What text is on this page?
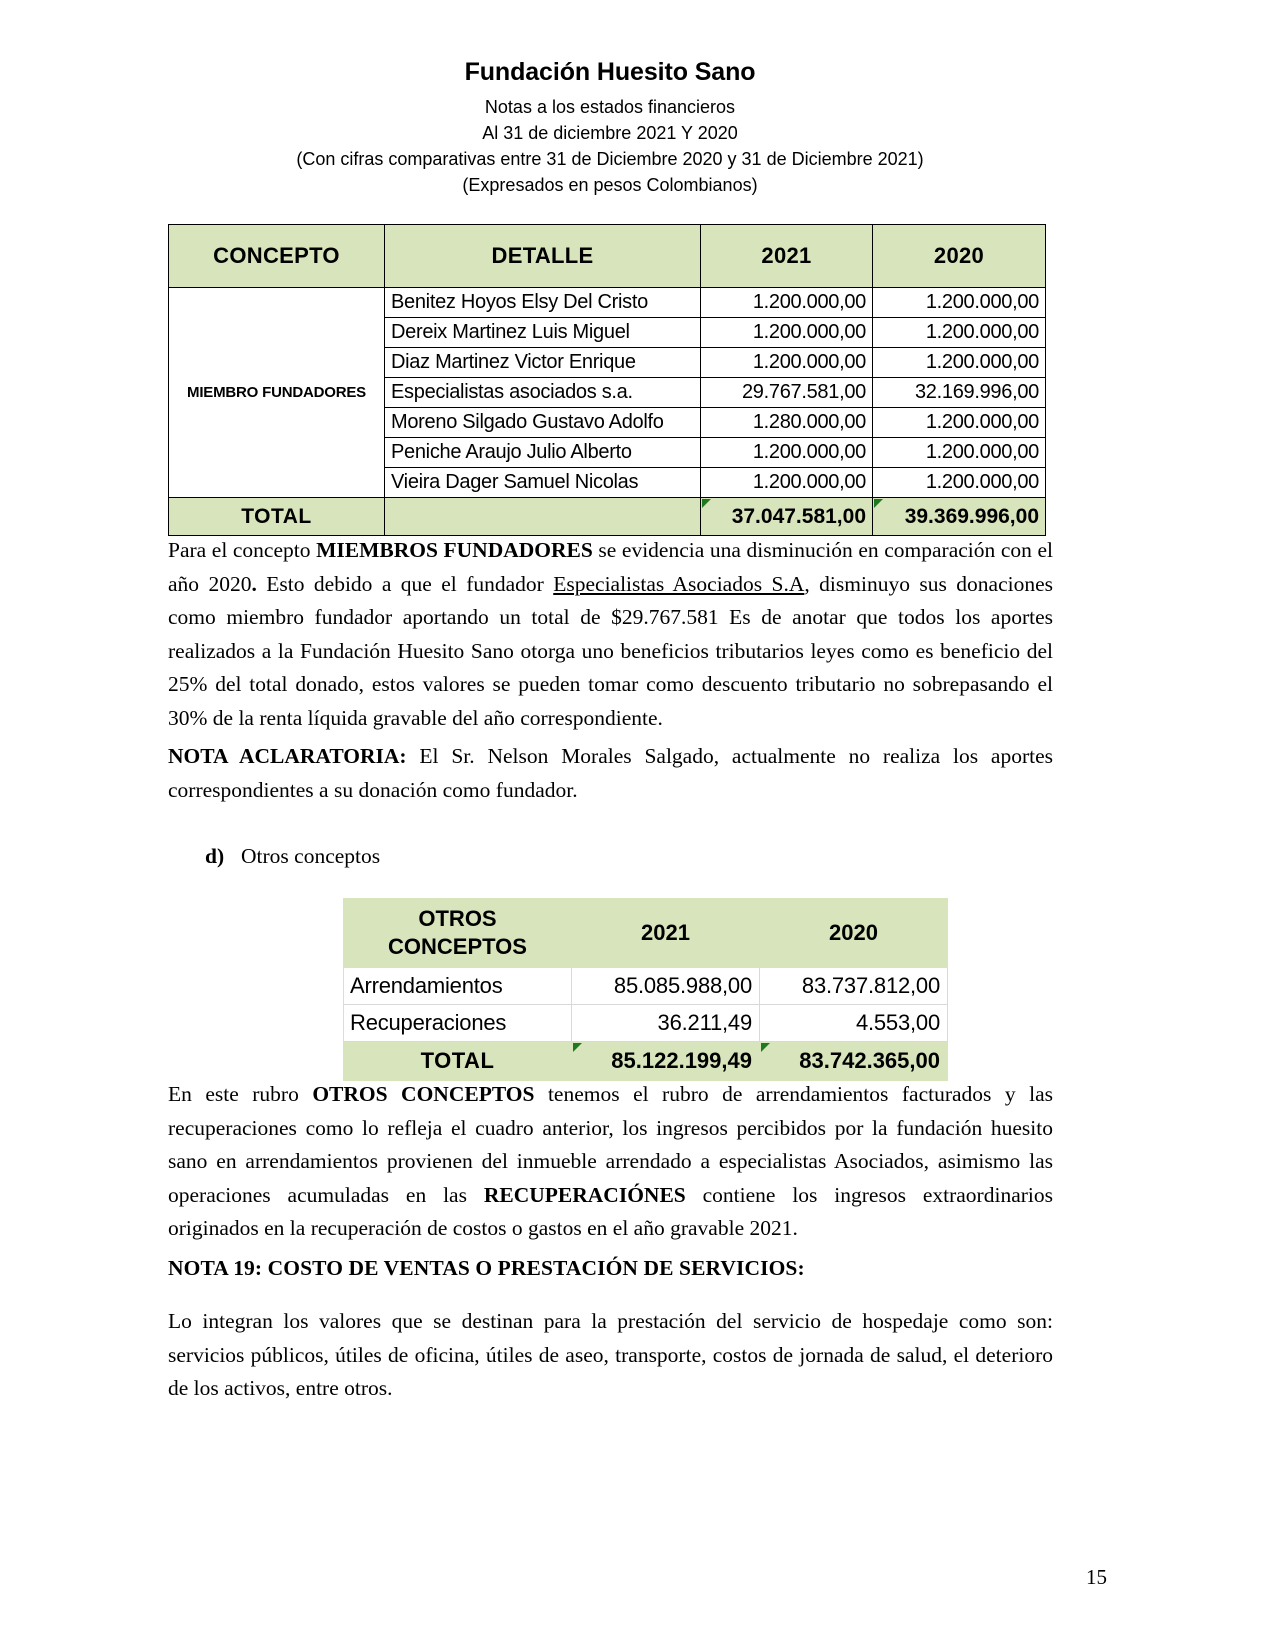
Fundación Huesito Sano
Notas a los estados financieros
Al 31 de diciembre 2021 Y 2020
(Con cifras comparativas entre 31 de Diciembre 2020 y 31 de Diciembre 2021)
(Expresados en pesos Colombianos)
CONCEPTO	DETALLE	2021	2020
MIEMBRO FUNDADORES	Benitez Hoyos Elsy Del Cristo	1.200.000,00	1.200.000,00
	Dereix Martinez Luis Miguel	1.200.000,00	1.200.000,00
	Diaz Martinez Victor Enrique	1.200.000,00	1.200.000,00
	Especialistas asociados s.a.	29.767.581,00	32.169.996,00
	Moreno Silgado Gustavo Adolfo	1.280.000,00	1.200.000,00
	Peniche Araujo Julio Alberto	1.200.000,00	1.200.000,00
	Vieira Dager Samuel Nicolas	1.200.000,00	1.200.000,00
TOTAL		37.047.581,00	39.369.996,00
Para el concepto MIEMBROS FUNDADORES se evidencia una disminución en comparación con el año 2020. Esto debido a que el fundador Especialistas Asociados S.A, disminuyo sus donaciones como miembro fundador aportando un total de $29.767.581 Es de anotar que todos los aportes realizados a la Fundación Huesito Sano otorga uno beneficios tributarios leyes como es beneficio del 25% del total donado, estos valores se pueden tomar como descuento tributario no sobrepasando el 30% de la renta líquida gravable del año correspondiente.
NOTA ACLARATORIA: El Sr. Nelson Morales Salgado, actualmente no realiza los aportes correspondientes a su donación como fundador.
d) Otros conceptos
OTROS
CONCEPTOS	2021	2020
Arrendamientos	85.085.988,00	83.737.812,00
Recuperaciones	36.211,49	4.553,00
TOTAL	85.122.199,49	83.742.365,00
En este rubro OTROS CONCEPTOS tenemos el rubro de arrendamientos facturados y las recuperaciones como lo refleja el cuadro anterior, los ingresos percibidos por la fundación huesito sano en arrendamientos provienen del inmueble arrendado a especialistas Asociados, asimismo las operaciones acumuladas en las RECUPERACIÓNES contiene los ingresos extraordinarios originados en la recuperación de costos o gastos en el año gravable 2021.
NOTA 19: COSTO DE VENTAS O PRESTACIÓN DE SERVICIOS:
Lo integran los valores que se destinan para la prestación del servicio de hospedaje como son: servicios públicos, útiles de oficina, útiles de aseo, transporte, costos de jornada de salud, el deterioro de los activos, entre otros.
15
